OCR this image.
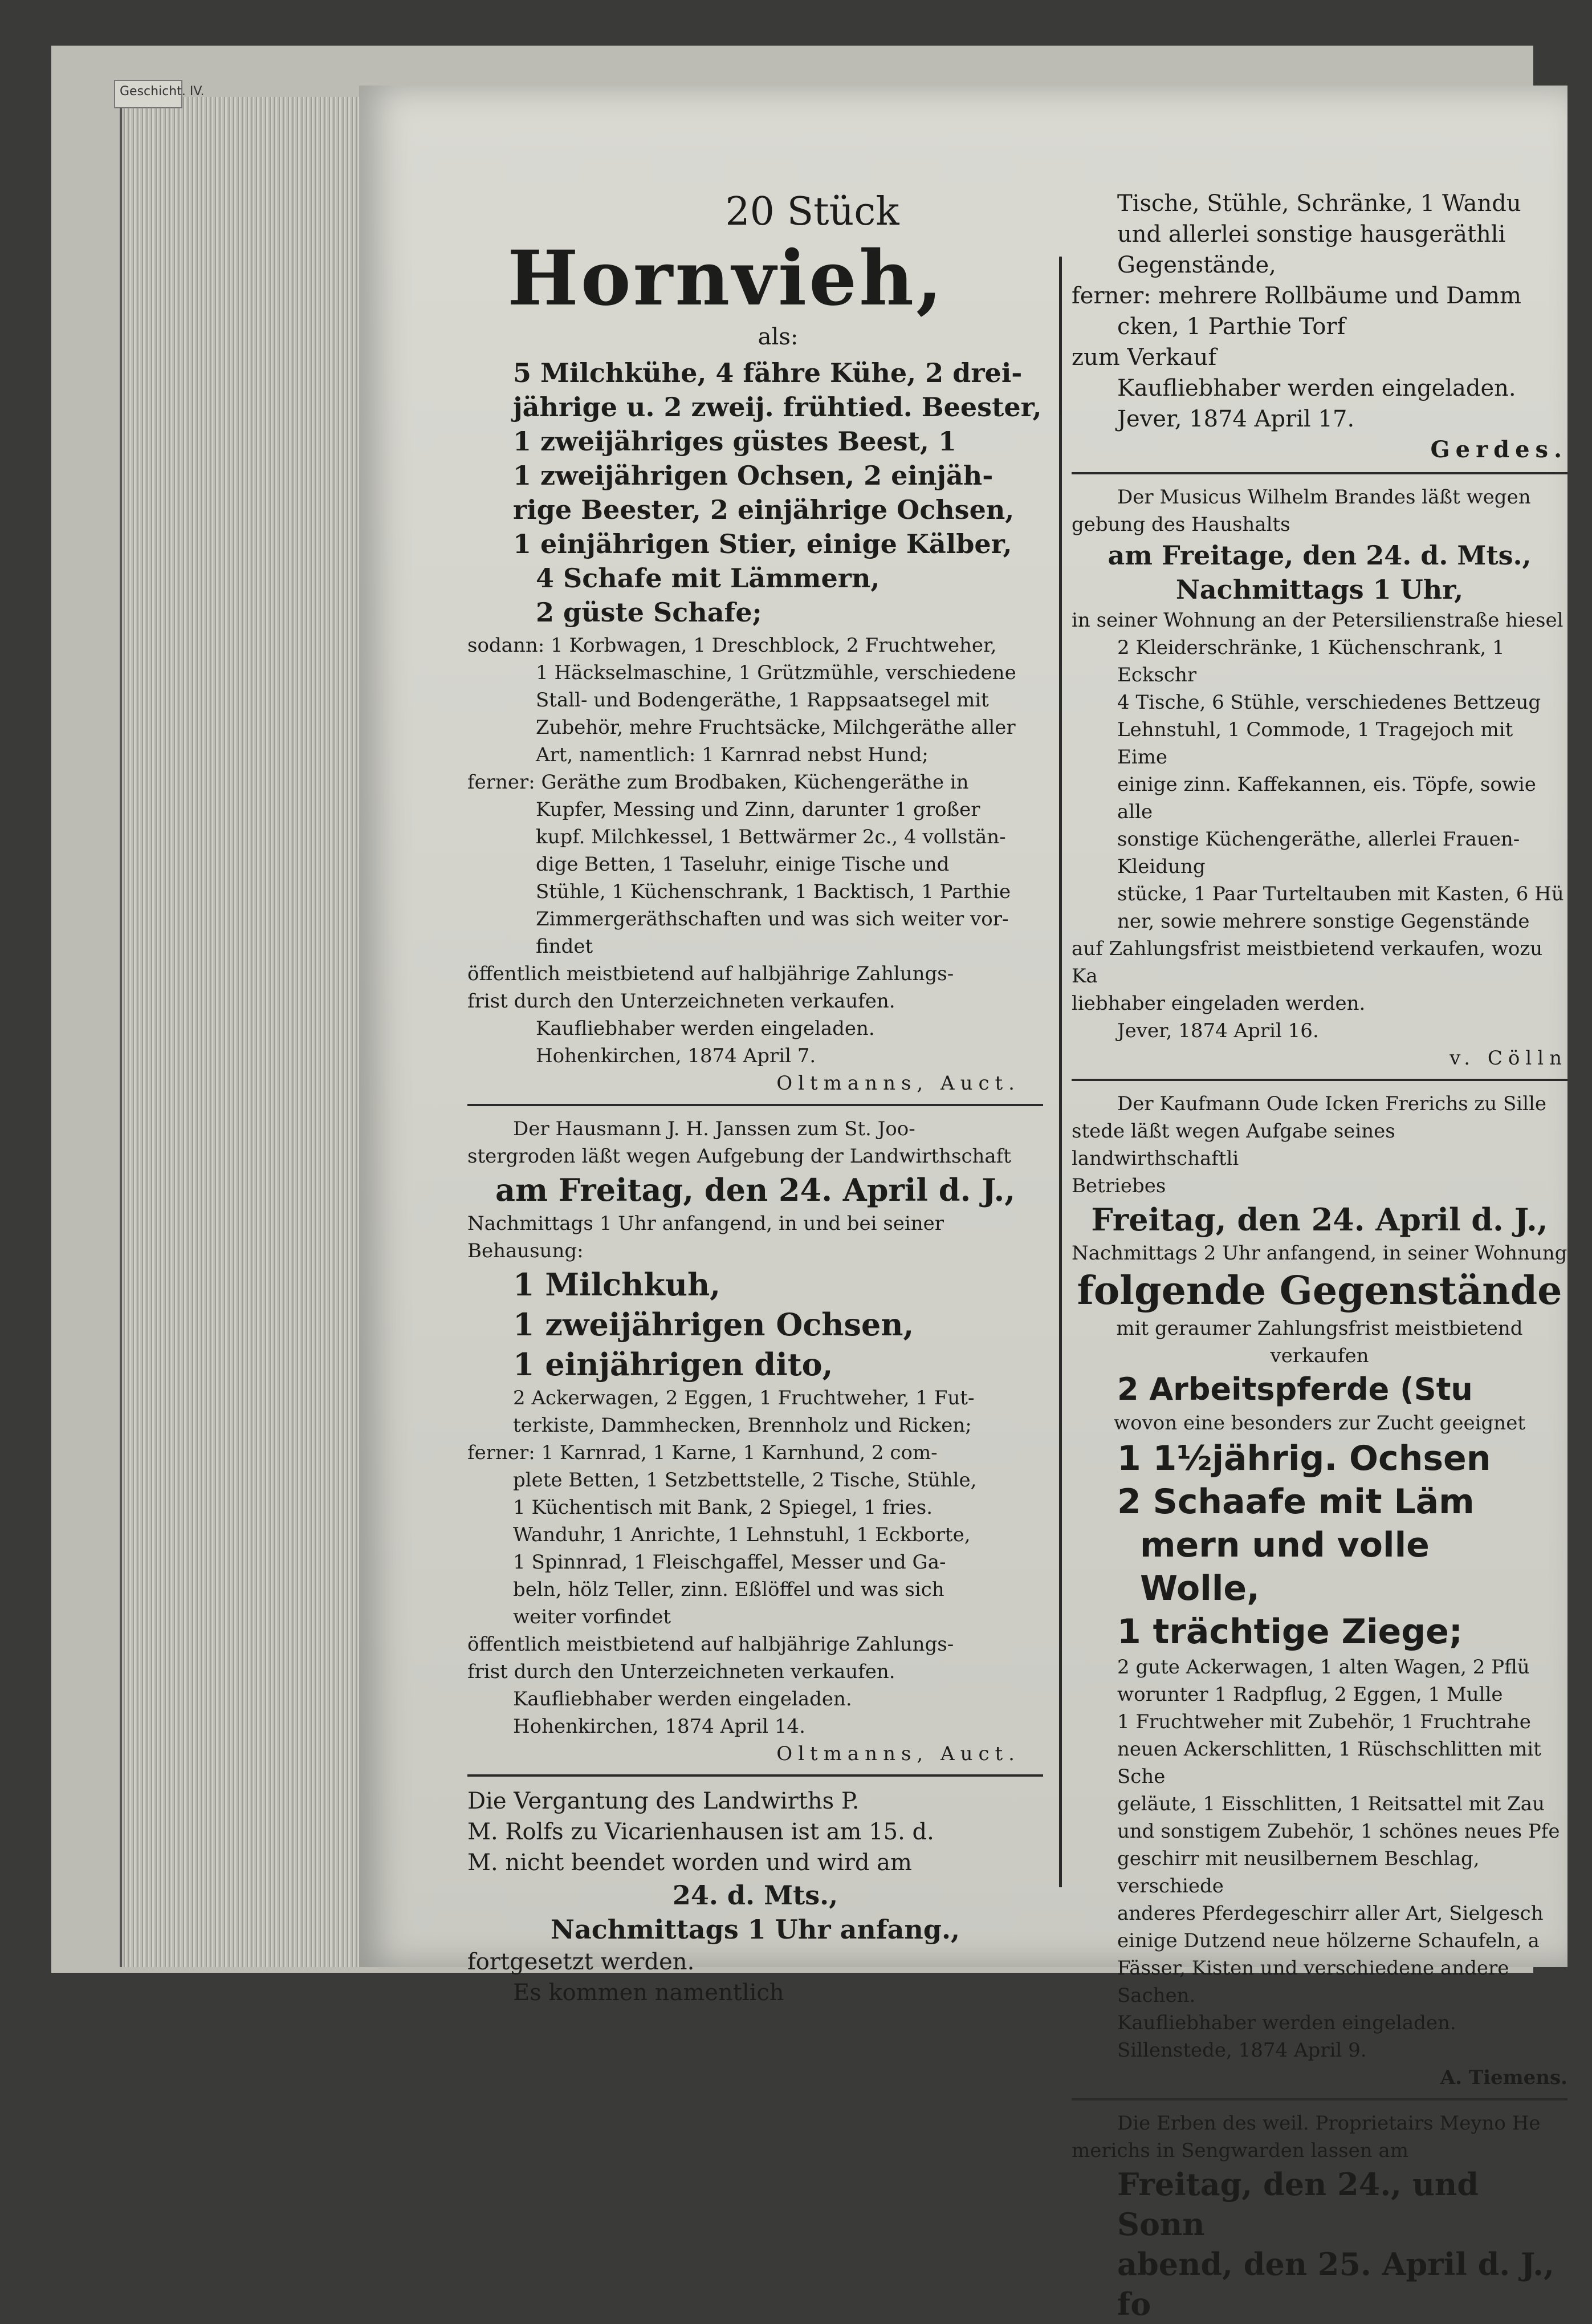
Geschicht. IV.

20 Stück

Hornvieh,

als:

5 Milchkühe, 4 fähre Kühe, 2 drei-

jährige u. 2 zweij. frühtied. Beester,

1 zweijähriges güstes Beest, 1

1 zweijährigen Ochsen, 2 einjäh-

rige Beester, 2 einjährige Ochsen,

1 einjährigen Stier, einige Kälber,

4 Schafe mit Lämmern,

2 güste Schafe;

sodann: 1 Korbwagen, 1 Dreschblock, 2 Fruchtweher,

1 Häckselmaschine, 1 Grützmühle, verschiedene

Stall- und Bodengeräthe, 1 Rappsaatsegel mit

Zubehör, mehre Fruchtsäcke, Milchgeräthe aller

Art, namentlich: 1 Karnrad nebst Hund;

ferner: Geräthe zum Brodbaken, Küchengeräthe in

Kupfer, Messing und Zinn, darunter 1 großer

kupf. Milchkessel, 1 Bettwärmer 2c., 4 vollstän-

dige Betten, 1 Taseluhr, einige Tische und

Stühle, 1 Küchenschrank, 1 Backtisch, 1 Parthie

Zimmergeräthschaften und was sich weiter vor-

findet

öffentlich meistbietend auf halbjährige Zahlungs-

frist durch den Unterzeichneten verkaufen.

Kaufliebhaber werden eingeladen.

Hohenkirchen, 1874 April 7.

Oltmanns, Auct.

Der Hausmann J. H. Janssen zum St. Joo-

stergroden läßt wegen Aufgebung der Landwirthschaft

am Freitag, den 24. April d. J.,

Nachmittags 1 Uhr anfangend, in und bei seiner

Behausung:

1 Milchkuh,

1 zweijährigen Ochsen,

1 einjährigen dito,

2 Ackerwagen, 2 Eggen, 1 Fruchtweher, 1 Fut-

terkiste, Dammhecken, Brennholz und Ricken;

ferner: 1 Karnrad, 1 Karne, 1 Karnhund, 2 com-

plete Betten, 1 Setzbettstelle, 2 Tische, Stühle,

1 Küchentisch mit Bank, 2 Spiegel, 1 fries.

Wanduhr, 1 Anrichte, 1 Lehnstuhl, 1 Eckborte,

1 Spinnrad, 1 Fleischgaffel, Messer und Ga-

beln, hölz Teller, zinn. Eßlöffel und was sich

weiter vorfindet

öffentlich meistbietend auf halbjährige Zahlungs-

frist durch den Unterzeichneten verkaufen.

Kaufliebhaber werden eingeladen.

Hohenkirchen, 1874 April 14.

Oltmanns, Auct.

Die Vergantung des Landwirths P.

M. Rolfs zu Vicarienhausen ist am 15. d.

M. nicht beendet worden und wird am

24. d. Mts.,

Nachmittags 1 Uhr anfang.,

fortgesetzt werden.

Es kommen namentlich

Tische, Stühle, Schränke, 1 Wandu

und allerlei sonstige hausgeräthli

Gegenstände,

ferner: mehrere Rollbäume und Damm

cken, 1 Parthie Torf

zum Verkauf

Kaufliebhaber werden eingeladen.

Jever, 1874 April 17.

Gerdes.

Der Musicus Wilhelm Brandes läßt wegen

gebung des Haushalts

am Freitage, den 24. d. Mts.,

Nachmittags 1 Uhr,

in seiner Wohnung an der Petersilienstraße hiesel

2 Kleiderschränke, 1 Küchenschrank, 1 Eckschr

4 Tische, 6 Stühle, verschiedenes Bettzeug

Lehnstuhl, 1 Commode, 1 Tragejoch mit Eime

einige zinn. Kaffekannen, eis. Töpfe, sowie alle

sonstige Küchengeräthe, allerlei Frauen-Kleidung

stücke, 1 Paar Turteltauben mit Kasten, 6 Hü

ner, sowie mehrere sonstige Gegenstände

auf Zahlungsfrist meistbietend verkaufen, wozu Ka

liebhaber eingeladen werden.

Jever, 1874 April 16.

v. Cölln

Der Kaufmann Oude Icken Frerichs zu Sille

stede läßt wegen Aufgabe seines landwirthschaftli

Betriebes

Freitag, den 24. April d. J.,

Nachmittags 2 Uhr anfangend, in seiner Wohnung

folgende Gegenstände

mit geraumer Zahlungsfrist meistbietend verkaufen

2 Arbeitspferde (Stu

wovon eine besonders zur Zucht geeignet

1 1½jährig. Ochsen

2 Schaafe mit Läm

mern und volle

Wolle,

1 trächtige Ziege;

2 gute Ackerwagen, 1 alten Wagen, 2 Pflü

worunter 1 Radpflug, 2 Eggen, 1 Mulle

1 Fruchtweher mit Zubehör, 1 Fruchtrahe

neuen Ackerschlitten, 1 Rüschschlitten mit Sche

geläute, 1 Eisschlitten, 1 Reitsattel mit Zau

und sonstigem Zubehör, 1 schönes neues Pfe

geschirr mit neusilbernem Beschlag, verschiede

anderes Pferdegeschirr aller Art, Sielgesch

einige Dutzend neue hölzerne Schaufeln, a

Fässer, Kisten und verschiedene andere Sachen.

Kaufliebhaber werden eingeladen.

Sillenstede, 1874 April 9.

A. Tiemens.

Die Erben des weil. Proprietairs Meyno He

merichs in Sengwarden lassen am

Freitag, den 24., und Sonn

abend, den 25. April d. J., fo
